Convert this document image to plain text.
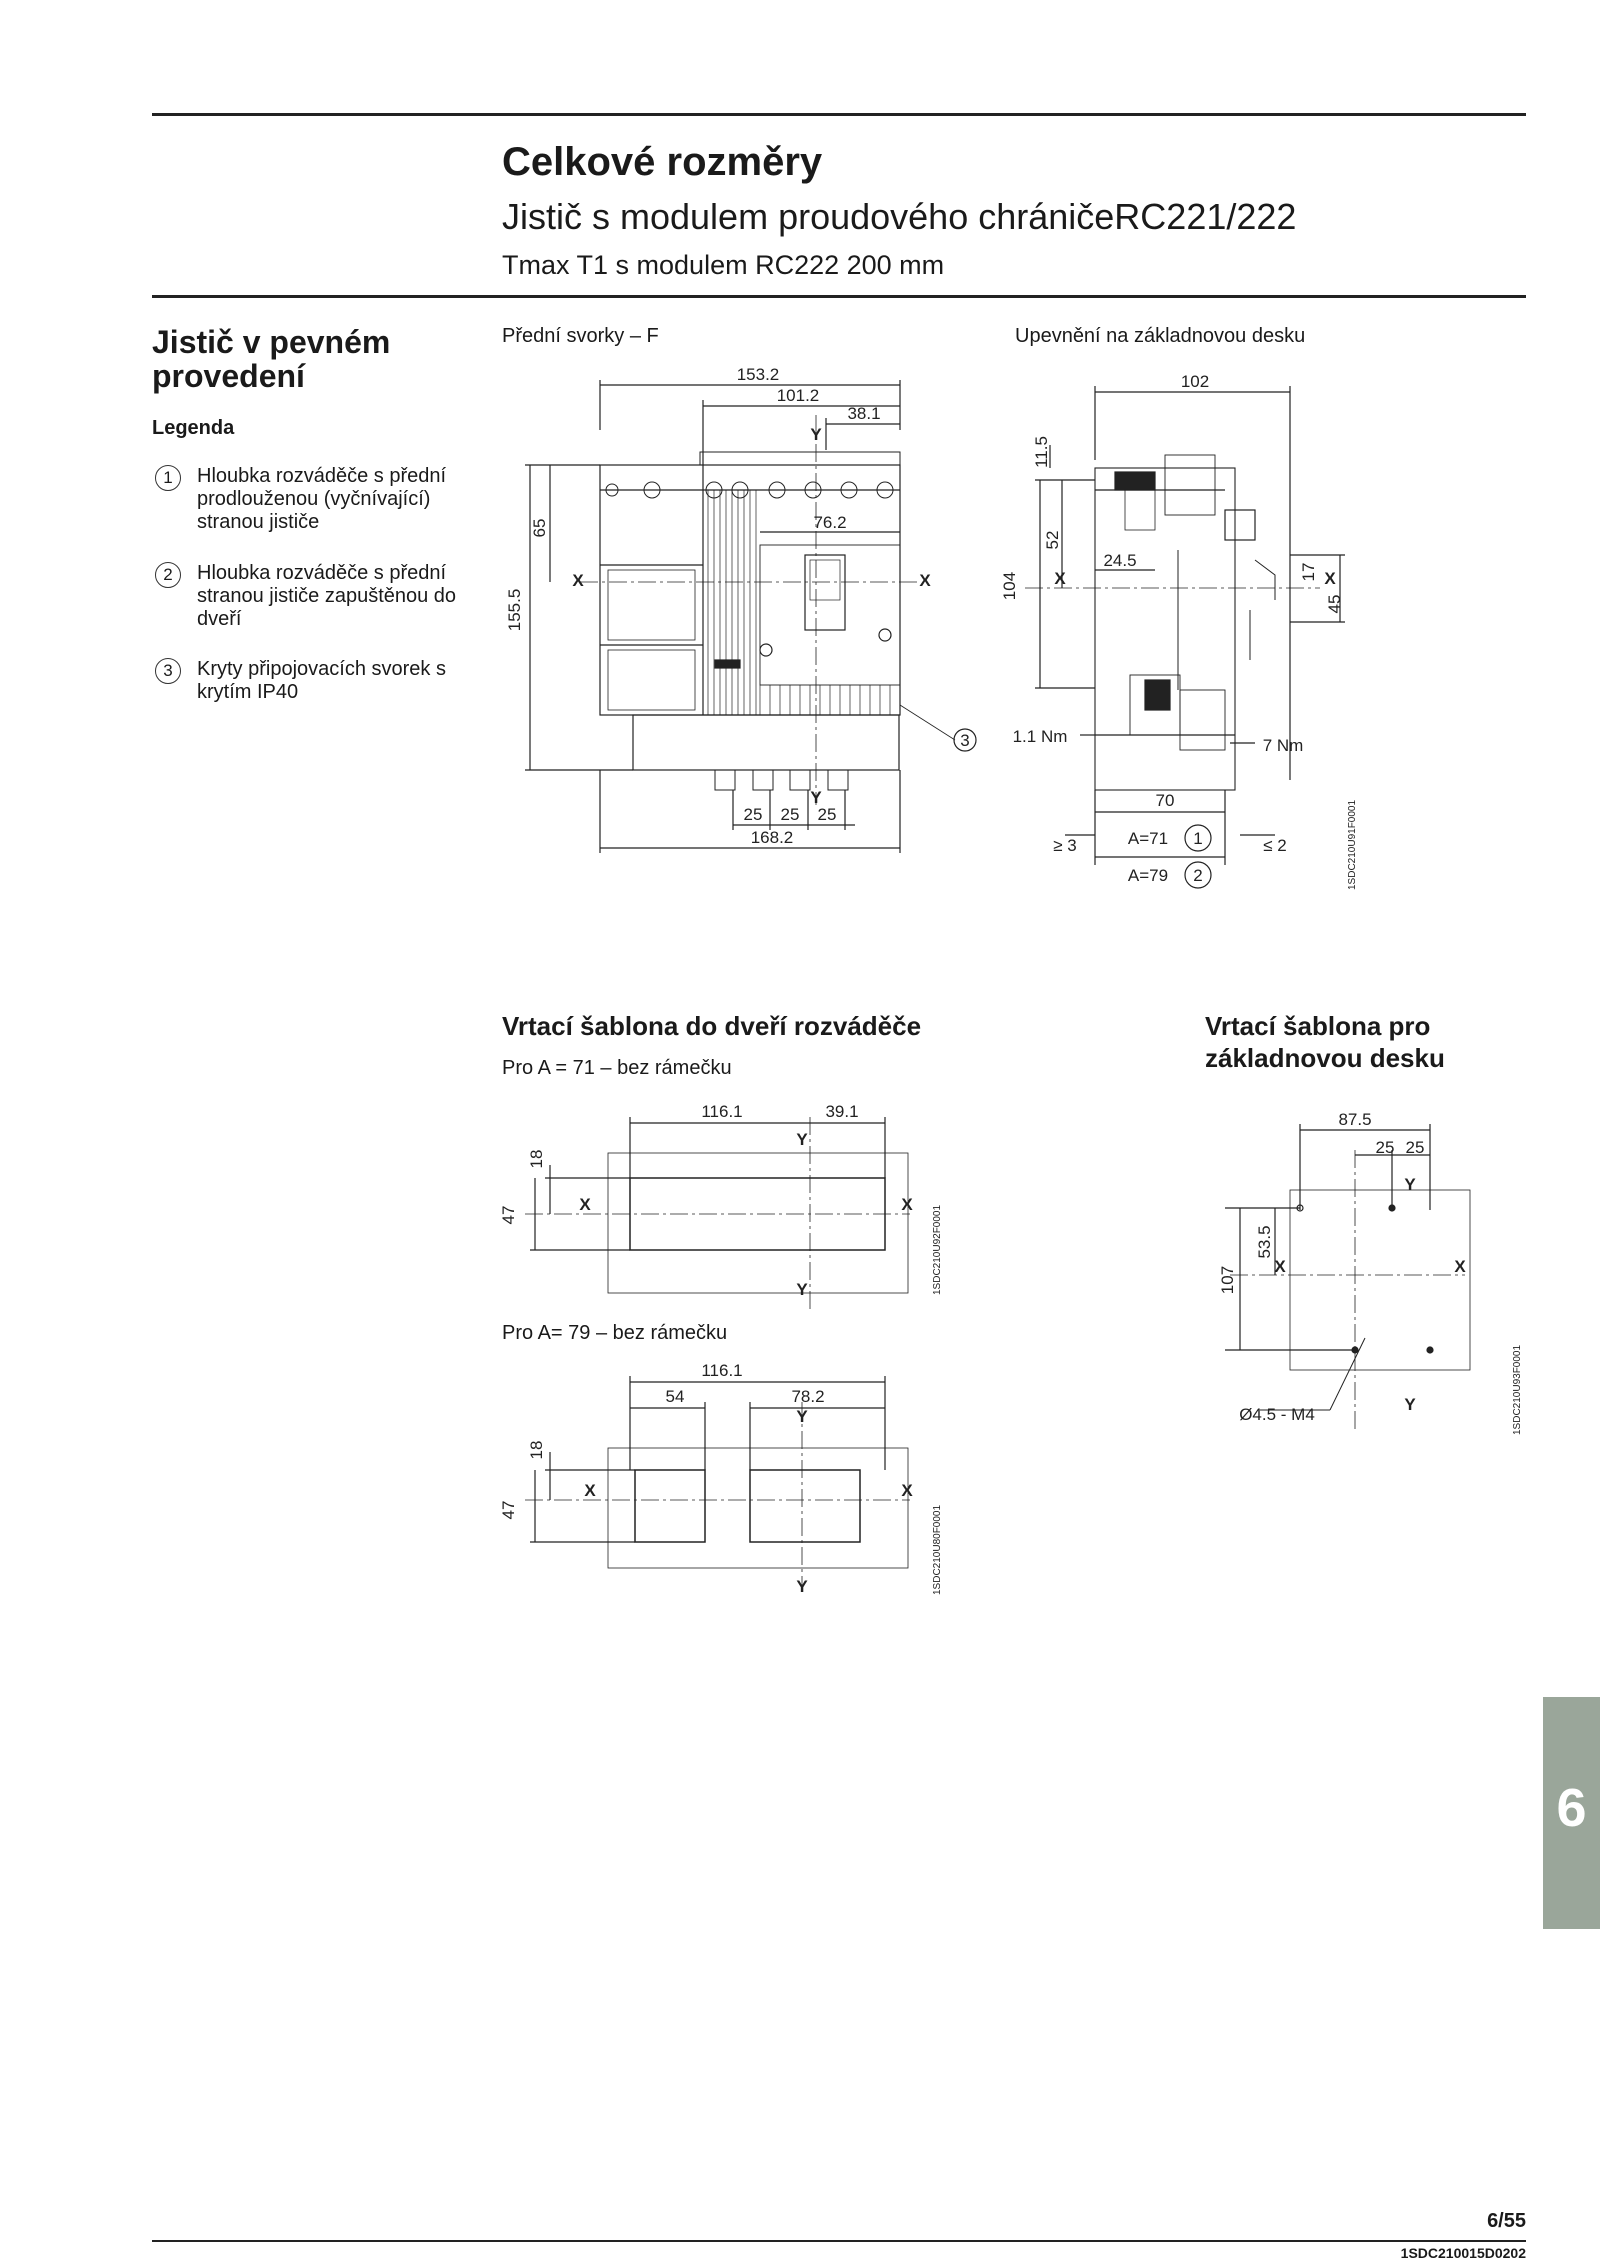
Celkové rozměry
Jistič s modulem proudového chráničeRC221/222
Tmax T1 s modulem RC222 200 mm
Jistič v pevném
provedení
Legenda
1	Hloubka rozváděče s přední prodlouženou (vyčnívající) stranou jističe
2	Hloubka rozváděče s přední stranou jističe zapuštěnou do dveří
3	Kryty připojovacích svorek s krytím IP40
Přední svorky – F	Upevnění na základnovou desku
153.2
101.2
38.1
76.2
25 25 25
168.2
3
X	X
Y
Y
65
155.5
102
24.5
70
1.1 Nm	7 Nm
≥ 3	≤ 2
A=71
A=79
1
2
X	X
11.5
52
104	17
45
1SDC210U91F0001
Vrtací šablona do dveří rozváděče
Pro A = 71 – bez rámečku
Pro A= 79 – bez rámečku
116.1	39.1
X	X
Y
Y
18
47	1SDC210U92F0001
116.1
54	78.2
X	X
Y
Y
18
47	1SDC210U80F0001
Vrtací šablona pro
základnovou desku
87.5
25 25
Ø4.5 - M4
X	X
Y
Y
53.5
107
1SDC210U93F0001
6
6/55
1SDC210015D0202
